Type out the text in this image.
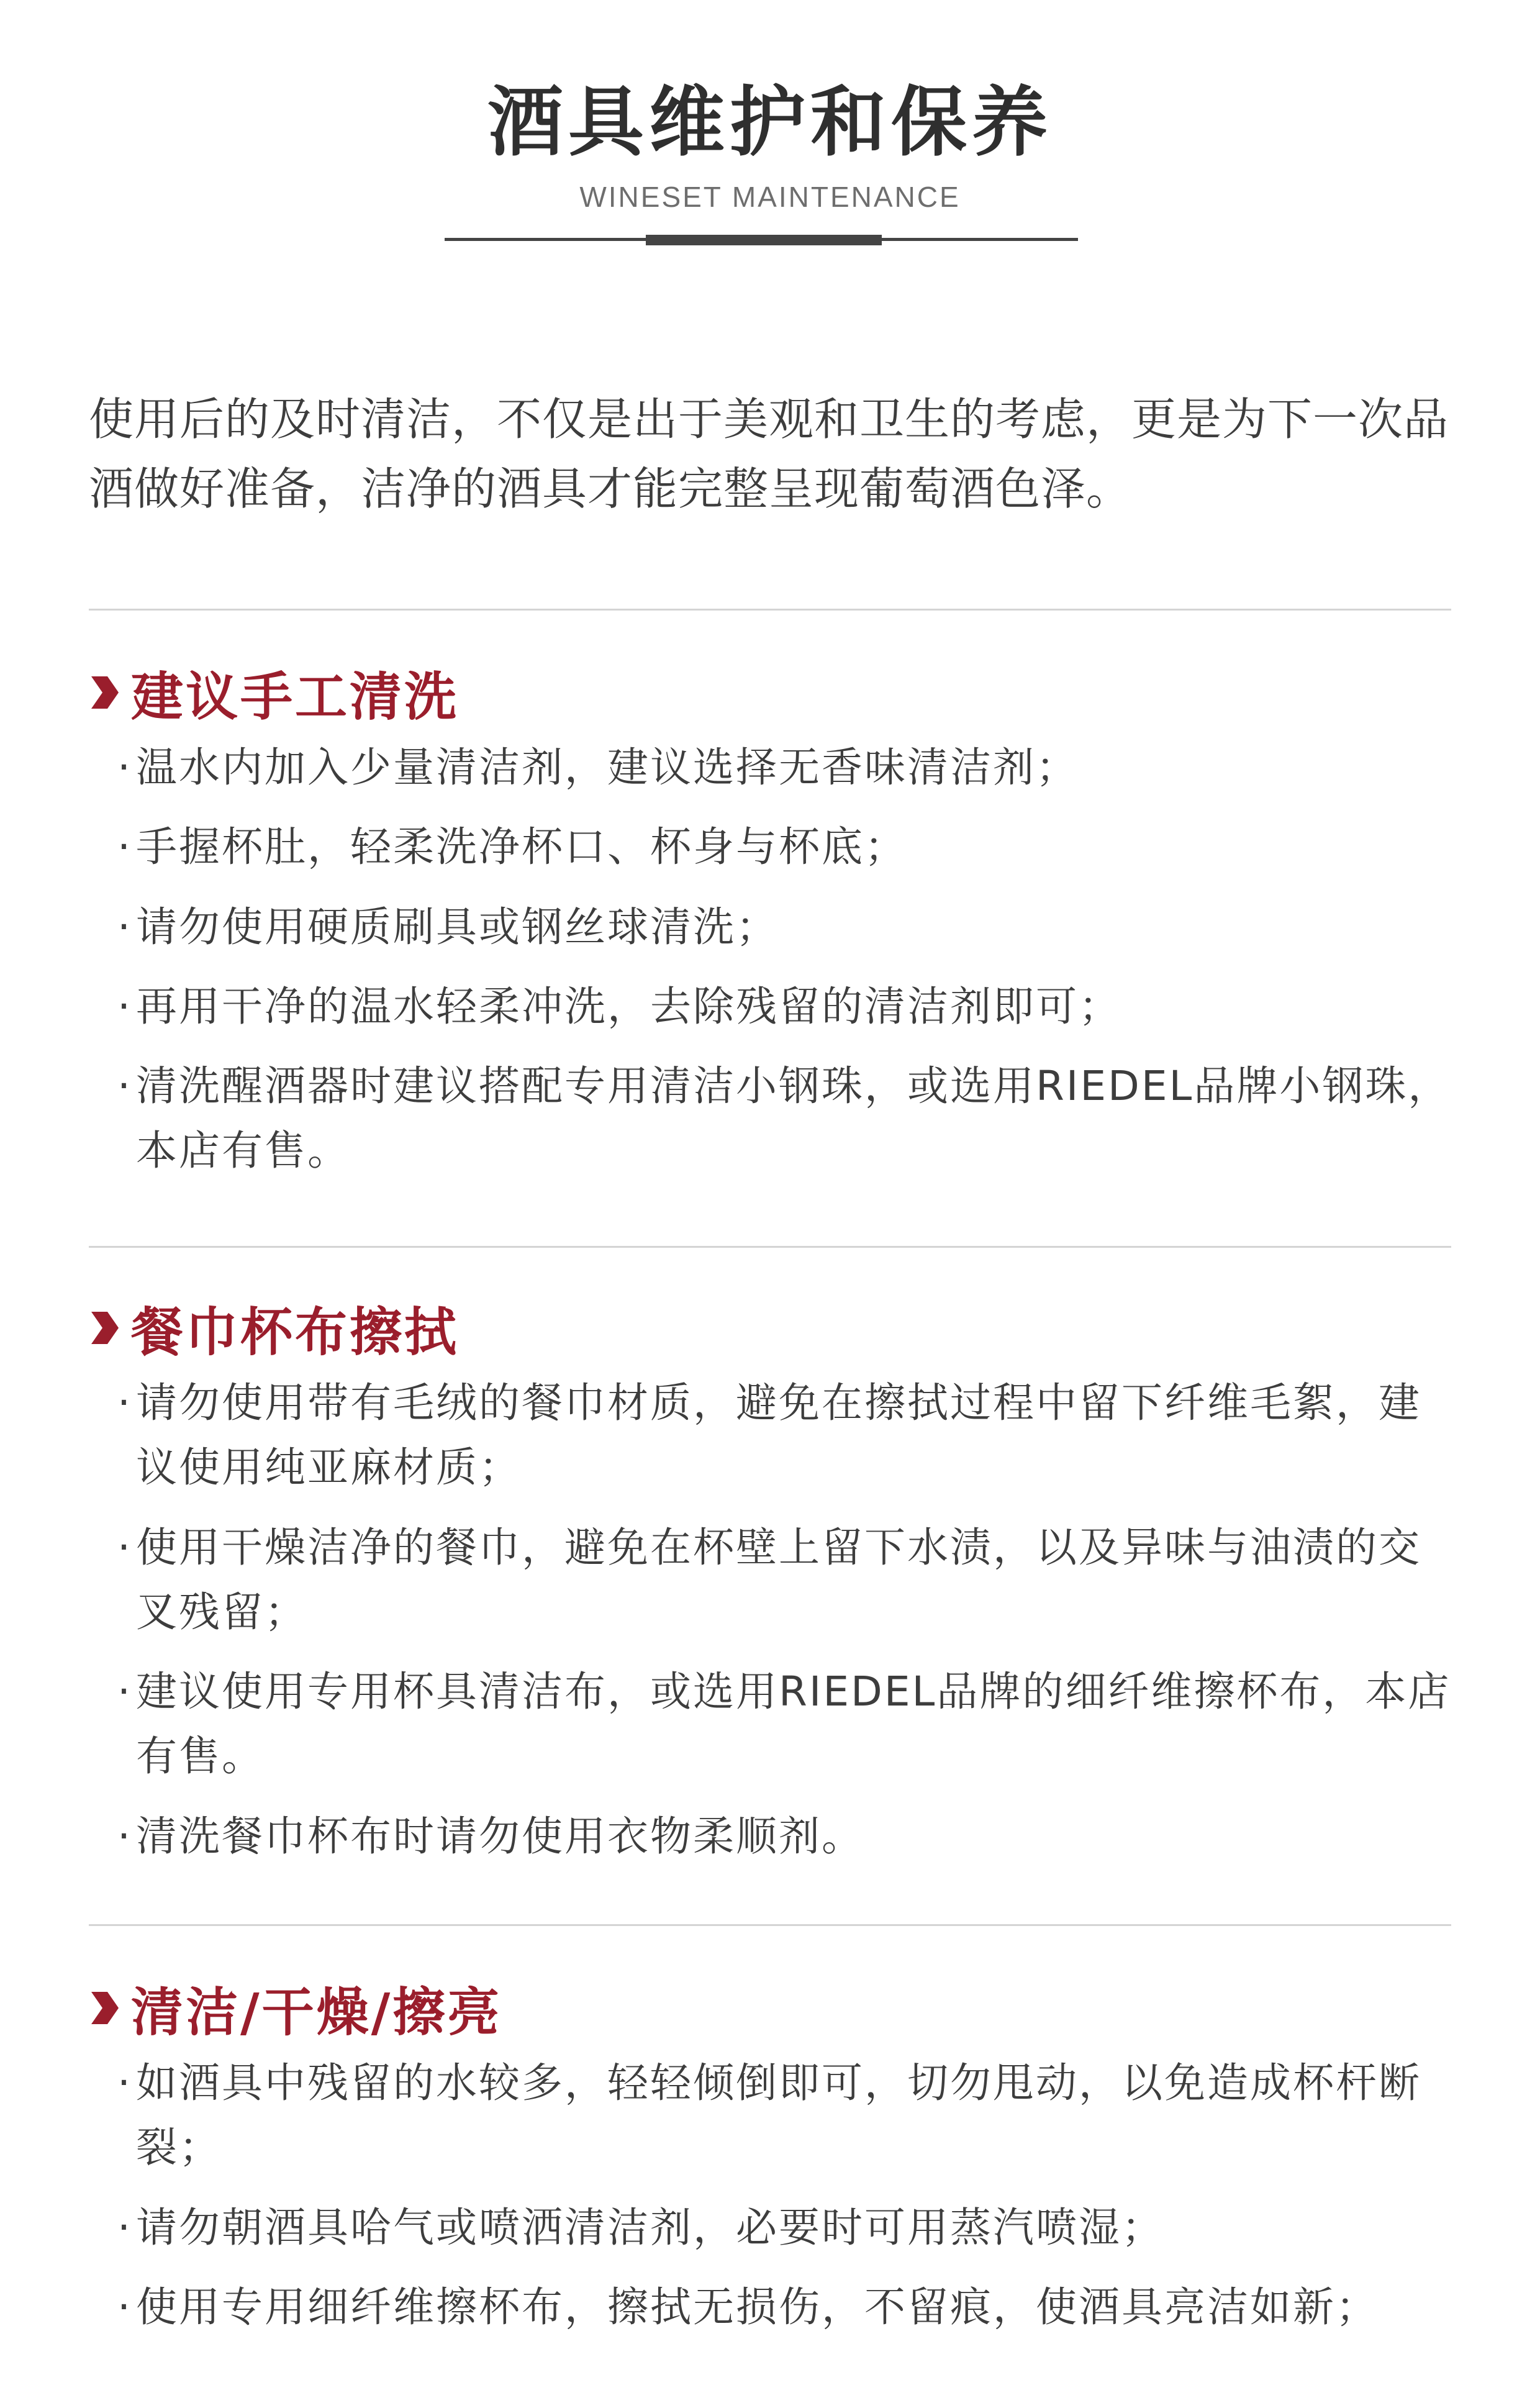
酒具维护和保养
WINESET MAINTENANCE

使用后的及时清洁，不仅是出于美观和卫生的考虑，更是为下一次品酒做好准备，洁净的酒具才能完整呈现葡萄酒色泽。

建议手工清洗
· 温水内加入少量清洁剂，建议选择无香味清洁剂；
· 手握杯肚，轻柔洗净杯口、杯身与杯底；
· 请勿使用硬质刷具或钢丝球清洗；
· 再用干净的温水轻柔冲洗，去除残留的清洁剂即可；
· 清洗醒酒器时建议搭配专用清洁小钢珠，或选用RIEDEL品牌小钢珠，本店有售。
餐巾杯布擦拭
· 请勿使用带有毛绒的餐巾材质，避免在擦拭过程中留下纤维毛絮，建议使用纯亚麻材质；
· 使用干燥洁净的餐巾，避免在杯壁上留下水渍，以及异味与油渍的交叉残留；
· 建议使用专用杯具清洁布，或选用RIEDEL品牌的细纤维擦杯布，本店有售。
· 清洗餐巾杯布时请勿使用衣物柔顺剂。
清洁/干燥/擦亮
· 如酒具中残留的水较多，轻轻倾倒即可，切勿甩动，以免造成杯杆断裂；
· 请勿朝酒具哈气或喷洒清洁剂，必要时可用蒸汽喷湿；
· 使用专用细纤维擦杯布，擦拭无损伤，不留痕，使酒具亮洁如新；
